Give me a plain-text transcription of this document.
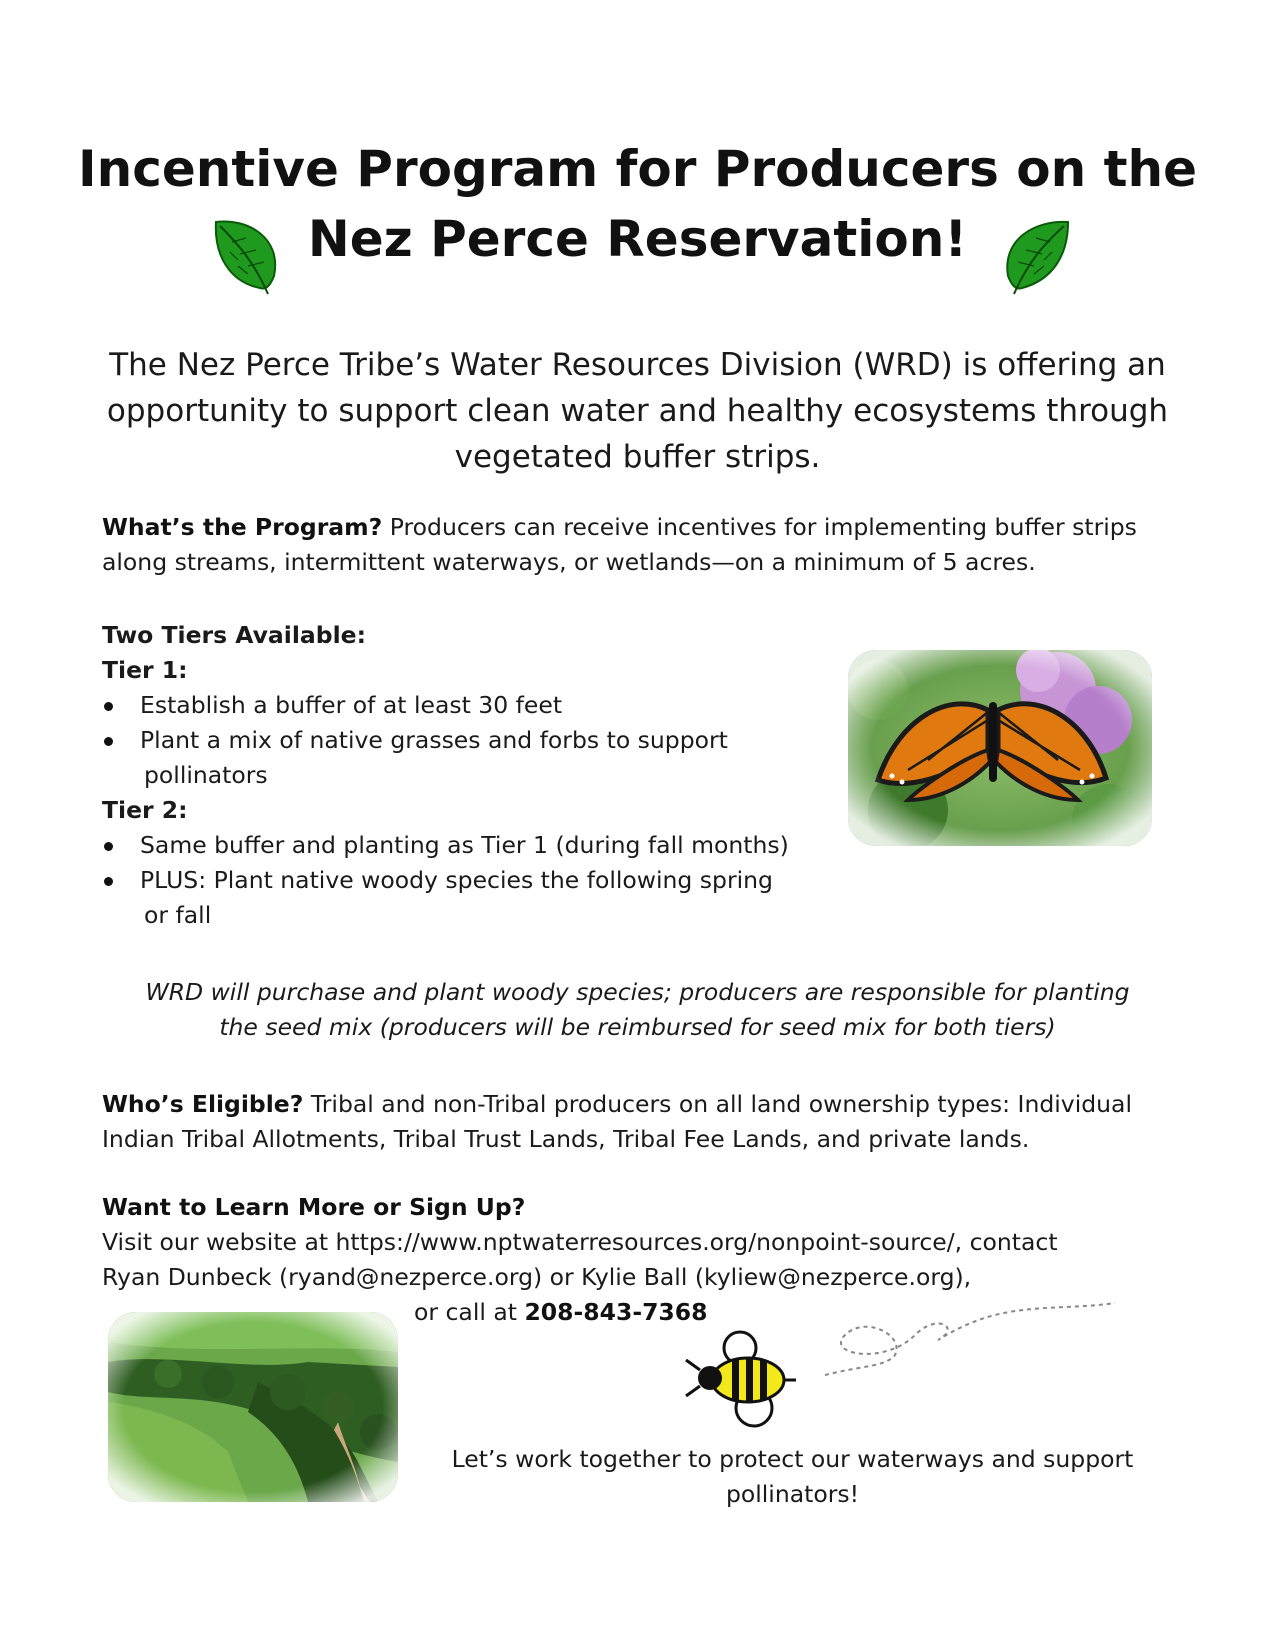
Incentive Program for Producers on the
Nez Perce Reservation!
The Nez Perce Tribe’s Water Resources Division (WRD) is offering an
opportunity to support clean water and healthy ecosystems through
vegetated buffer strips.
What’s the Program? Producers can receive incentives for implementing buffer strips along streams, intermittent waterways, or wetlands—on a minimum of 5 acres.
Two Tiers Available:
Tier 1:
Establish a buffer of at least 30 feet
Plant a mix of native grasses and forbs to support
pollinators
Tier 2:
Same buffer and planting as Tier 1 (during fall months)
PLUS: Plant native woody species the following spring
or fall
WRD will purchase and plant woody species; producers are responsible for planting
the seed mix (producers will be reimbursed for seed mix for both tiers)
Who’s Eligible? Tribal and non-Tribal producers on all land ownership types: Individual Indian Tribal Allotments, Tribal Trust Lands, Tribal Fee Lands, and private lands.
Want to Learn More or Sign Up?
Visit our website at https://www.nptwaterresources.org/nonpoint-source/, contact
Ryan Dunbeck (ryand@nezperce.org) or Kylie Ball (kyliew@nezperce.org),
or call at 208-843-7368
Let’s work together to protect our waterways and support
pollinators!
